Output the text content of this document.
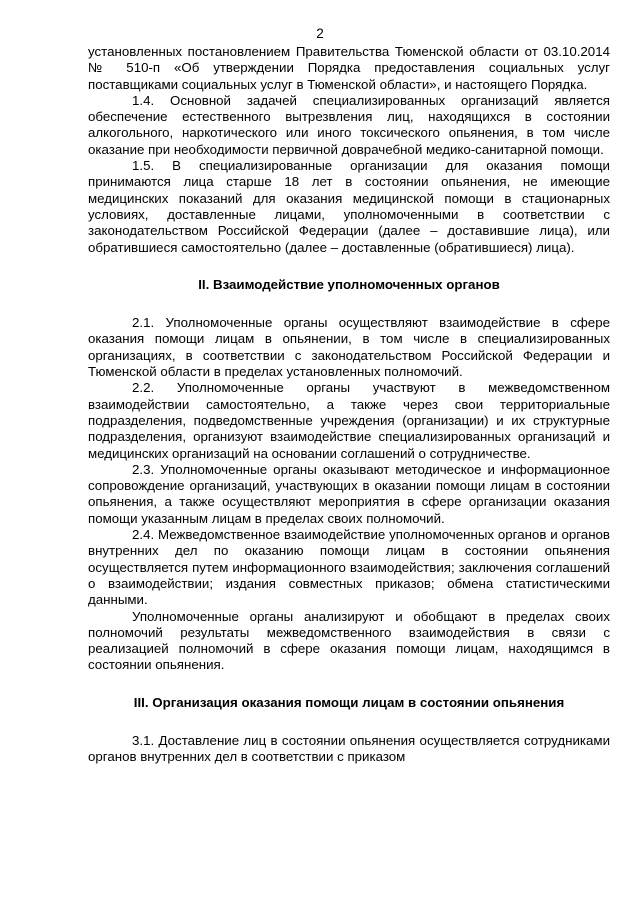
2

установленных постановлением Правительства Тюменской области от 03.10.2014 № 510-п «Об утверждении Порядка предоставления социальных услуг поставщиками социальных услуг в Тюменской области», и настоящего Порядка.

1.4. Основной задачей специализированных организаций является обеспечение естественного вытрезвления лиц, находящихся в состоянии алкогольного, наркотического или иного токсического опьянения, в том числе оказание при необходимости первичной доврачебной медико-санитарной помощи.

1.5. В специализированные организации для оказания помощи принимаются лица старше 18 лет в состоянии опьянения, не имеющие медицинских показаний для оказания медицинской помощи в стационарных условиях, доставленные лицами, уполномоченными в соответствии с законодательством Российской Федерации (далее – доставившие лица), или обратившиеся самостоятельно (далее – доставленные (обратившиеся) лица).

II. Взаимодействие уполномоченных органов

2.1. Уполномоченные органы осуществляют взаимодействие в сфере оказания помощи лицам в опьянении, в том числе в специализированных организациях, в соответствии с законодательством Российской Федерации и Тюменской области в пределах установленных полномочий.

2.2. Уполномоченные органы участвуют в межведомственном взаимодействии самостоятельно, а также через свои территориальные подразделения, подведомственные учреждения (организации) и их структурные подразделения, организуют взаимодействие специализированных организаций и медицинских организаций на основании соглашений о сотрудничестве.

2.3. Уполномоченные органы оказывают методическое и информационное сопровождение организаций, участвующих в оказании помощи лицам в состоянии опьянения, а также осуществляют мероприятия в сфере организации оказания помощи указанным лицам в пределах своих полномочий.

2.4. Межведомственное взаимодействие уполномоченных органов и органов внутренних дел по оказанию помощи лицам в состоянии опьянения осуществляется путем информационного взаимодействия; заключения соглашений о взаимодействии; издания совместных приказов; обмена статистическими данными.

Уполномоченные органы анализируют и обобщают в пределах своих полномочий результаты межведомственного взаимодействия в связи с реализацией полномочий в сфере оказания помощи лицам, находящимся в состоянии опьянения.

III. Организация оказания помощи лицам в состоянии опьянения

3.1. Доставление лиц в состоянии опьянения осуществляется сотрудниками органов внутренних дел в соответствии с приказом
